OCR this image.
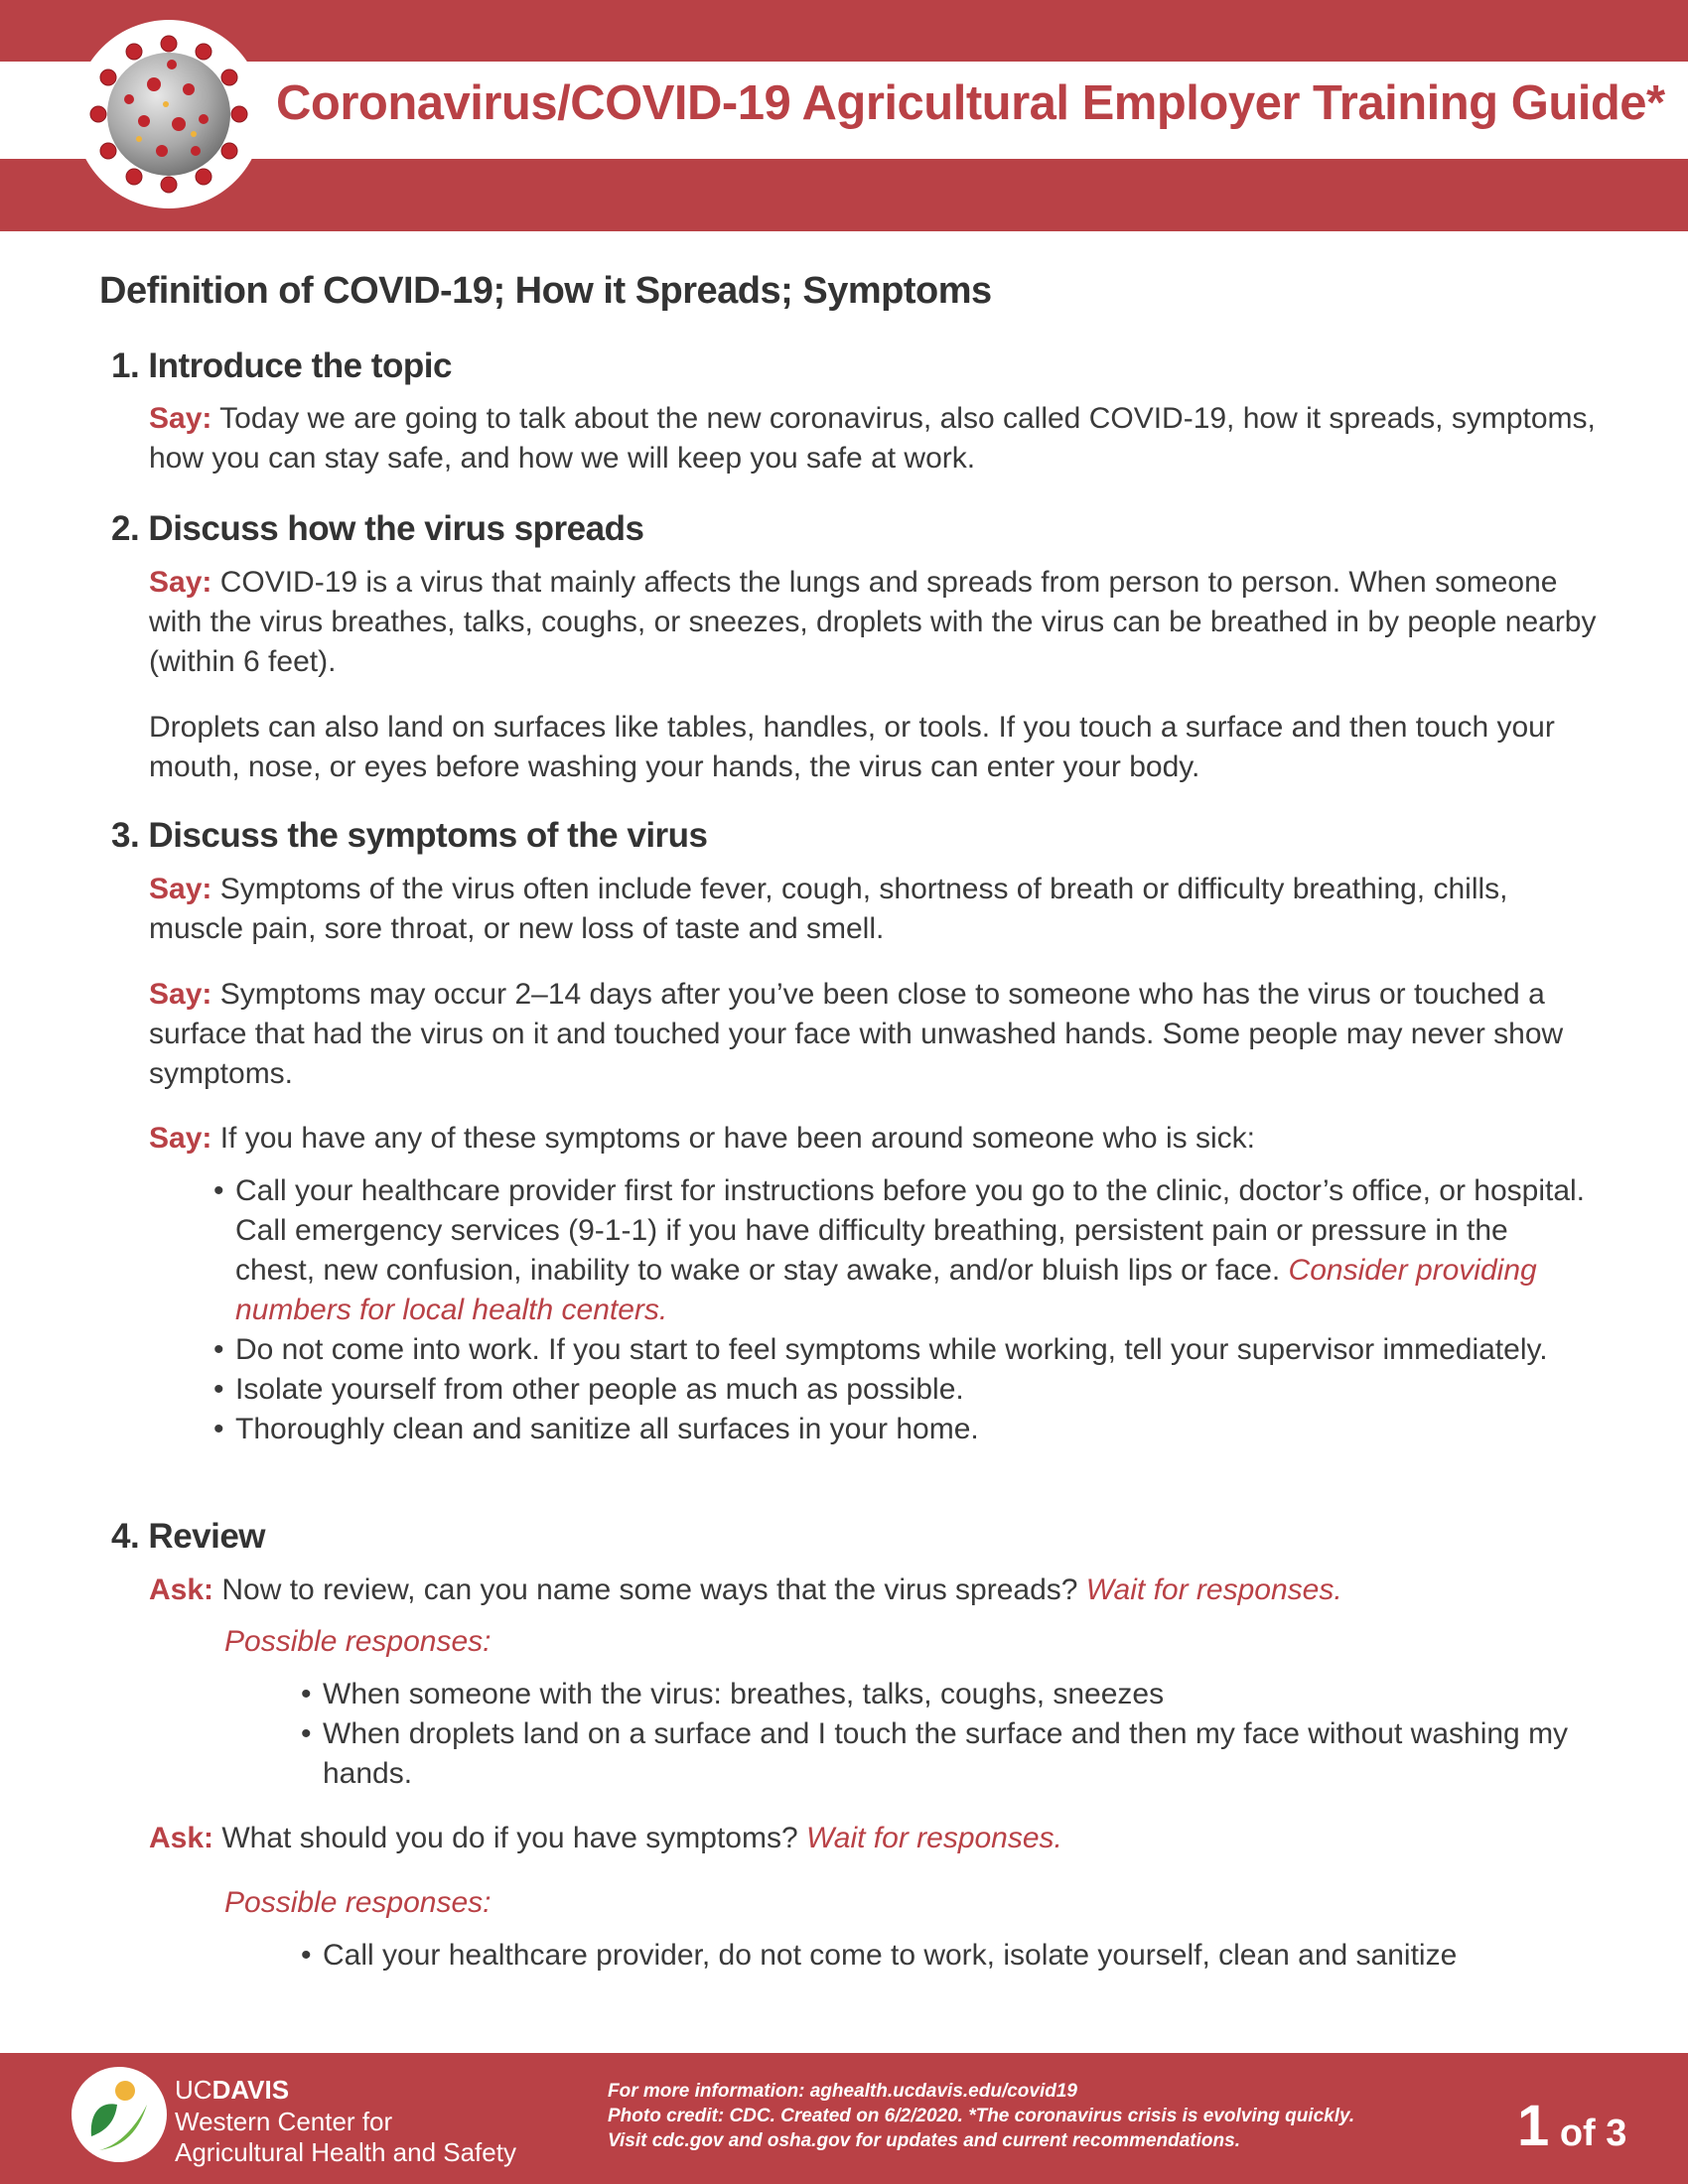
Coronavirus/COVID-19 Agricultural Employer Training Guide*
Definition of COVID-19; How it Spreads; Symptoms
1. Introduce the topic
Say: Today we are going to talk about the new coronavirus, also called COVID-19, how it spreads, symptoms, how you can stay safe, and how we will keep you safe at work.
2. Discuss how the virus spreads
Say: COVID-19 is a virus that mainly affects the lungs and spreads from person to person. When someone with the virus breathes, talks, coughs, or sneezes, droplets with the virus can be breathed in by people nearby (within 6 feet).
Droplets can also land on surfaces like tables, handles, or tools. If you touch a surface and then touch your mouth, nose, or eyes before washing your hands, the virus can enter your body.
3. Discuss the symptoms of the virus
Say: Symptoms of the virus often include fever, cough, shortness of breath or difficulty breathing, chills, muscle pain, sore throat, or new loss of taste and smell.
Say: Symptoms may occur 2–14 days after you’ve been close to someone who has the virus or touched a surface that had the virus on it and touched your face with unwashed hands. Some people may never show symptoms.
Say: If you have any of these symptoms or have been around someone who is sick:
• Call your healthcare provider first for instructions before you go to the clinic, doctor’s office, or hospital. Call emergency services (9-1-1) if you have difficulty breathing, persistent pain or pressure in the chest, new confusion, inability to wake or stay awake, and/or bluish lips or face. Consider providing numbers for local health centers.
• Do not come into work. If you start to feel symptoms while working, tell your supervisor immediately.
• Isolate yourself from other people as much as possible.
• Thoroughly clean and sanitize all surfaces in your home.
4. Review
Ask: Now to review, can you name some ways that the virus spreads? Wait for responses.
Possible responses:
• When someone with the virus: breathes, talks, coughs, sneezes
• When droplets land on a surface and I touch the surface and then my face without washing my hands.
Ask: What should you do if you have symptoms? Wait for responses.
Possible responses:
• Call your healthcare provider, do not come to work, isolate yourself, clean and sanitize
UCDAVIS
Western Center for
Agricultural Health and Safety
For more information: aghealth.ucdavis.edu/covid19
Photo credit: CDC. Created on 6/2/2020. *The coronavirus crisis is evolving quickly.
Visit cdc.gov and osha.gov for updates and current recommendations.	1 of 3
